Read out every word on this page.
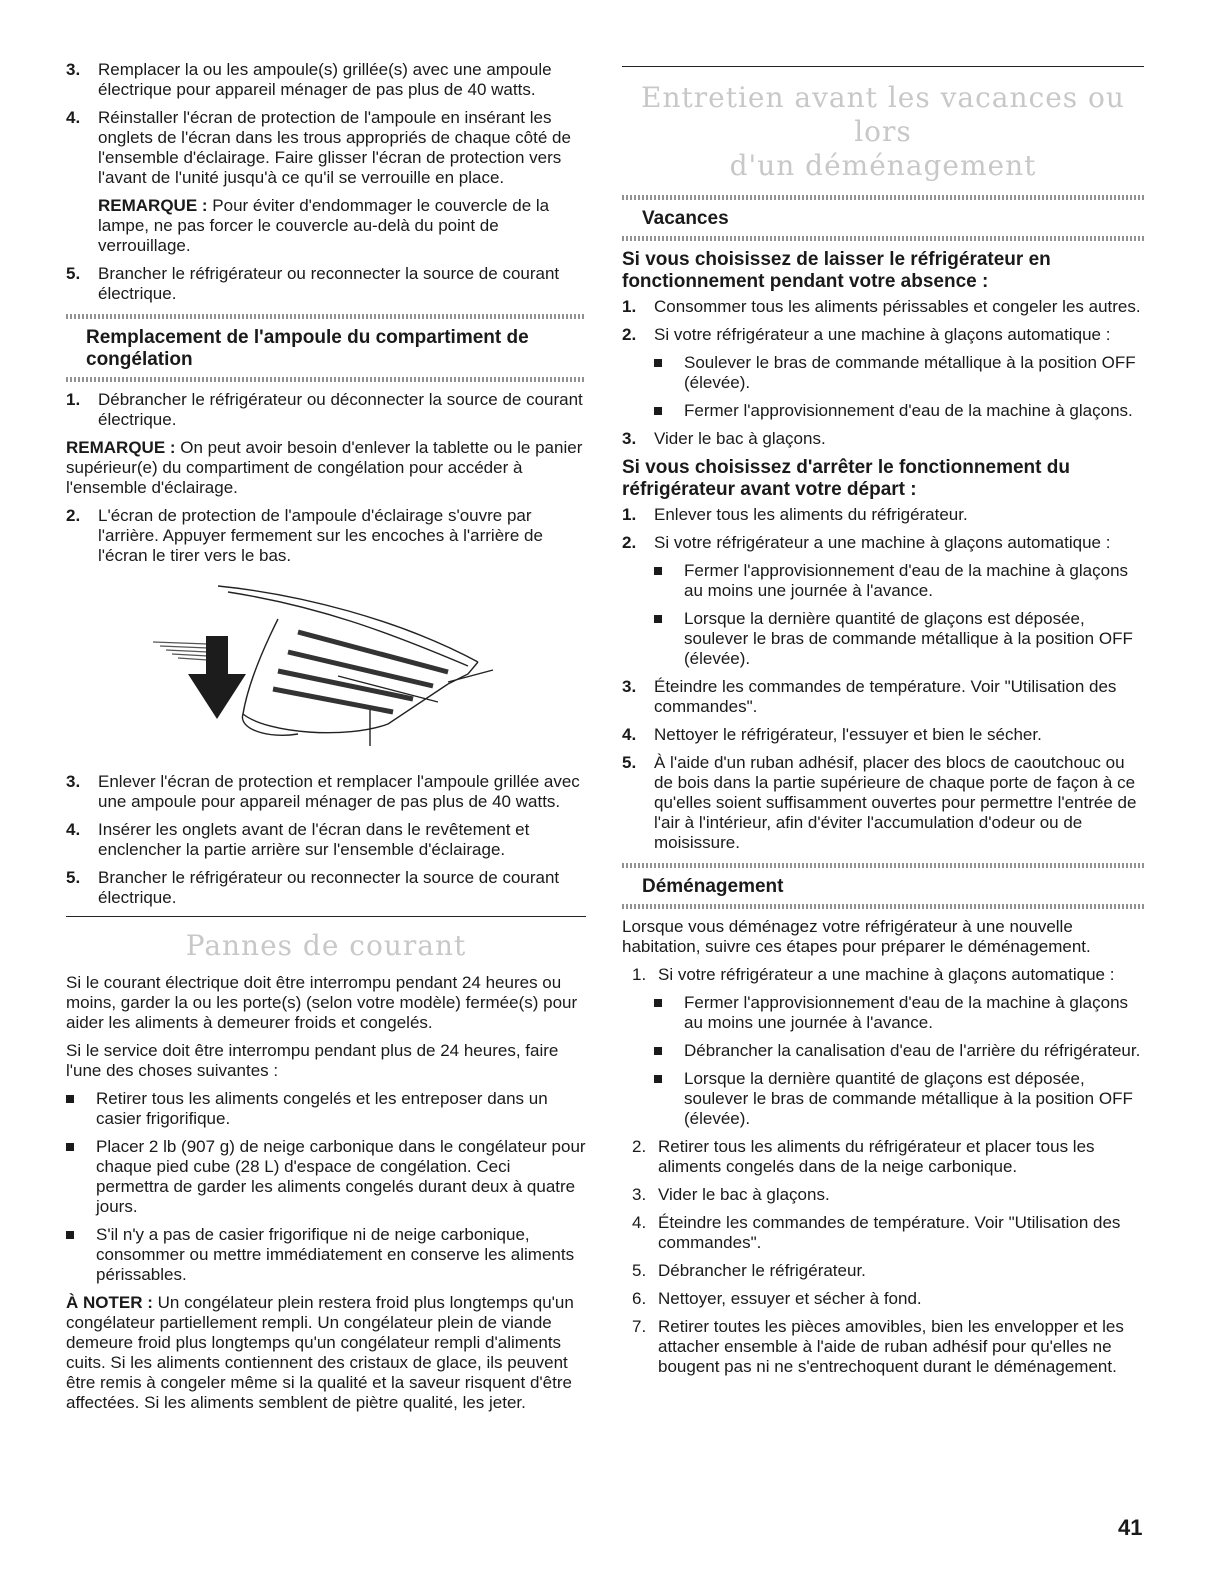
3. Remplacer la ou les ampoule(s) grillée(s) avec une ampoule électrique pour appareil ménager de pas plus de 40 watts.
4. Réinstaller l'écran de protection de l'ampoule en insérant les onglets de l'écran dans les trous appropriés de chaque côté de l'ensemble d'éclairage. Faire glisser l'écran de protection vers l'avant de l'unité jusqu'à ce qu'il se verrouille en place.

REMARQUE : Pour éviter d'endommager le couvercle de la lampe, ne pas forcer le couvercle au-delà du point de verrouillage.

5. Brancher le réfrigérateur ou reconnecter la source de courant électrique.
Remplacement de l'ampoule du compartiment de congélation
1. Débrancher le réfrigérateur ou déconnecter la source de courant électrique.

REMARQUE : On peut avoir besoin d'enlever la tablette ou le panier supérieur(e) du compartiment de congélation pour accéder à l'ensemble d'éclairage.

2. L'écran de protection de l'ampoule d'éclairage s'ouvre par l'arrière. Appuyer fermement sur les encoches à l'arrière de l'écran le tirer vers le bas.
3. Enlever l'écran de protection et remplacer l'ampoule grillée avec une ampoule pour appareil ménager de pas plus de 40 watts.
4. Insérer les onglets avant de l'écran dans le revêtement et enclencher la partie arrière sur l'ensemble d'éclairage.
5. Brancher le réfrigérateur ou reconnecter la source de courant électrique.
Pannes de courant

Si le courant électrique doit être interrompu pendant 24 heures ou moins, garder la ou les porte(s) (selon votre modèle) fermée(s) pour aider les aliments à demeurer froids et congelés.

Si le service doit être interrompu pendant plus de 24 heures, faire l'une des choses suivantes :

Retirer tous les aliments congelés et les entreposer dans un casier frigorifique.
Placer 2 lb (907 g) de neige carbonique dans le congélateur pour chaque pied cube (28 L) d'espace de congélation. Ceci permettra de garder les aliments congelés durant deux à quatre jours.
S'il n'y a pas de casier frigorifique ni de neige carbonique, consommer ou mettre immédiatement en conserve les aliments périssables.

À NOTER : Un congélateur plein restera froid plus longtemps qu'un congélateur partiellement rempli. Un congélateur plein de viande demeure froid plus longtemps qu'un congélateur rempli d'aliments cuits. Si les aliments contiennent des cristaux de glace, ils peuvent être remis à congeler même si la qualité et la saveur risquent d'être affectées. Si les aliments semblent de piètre qualité, les jeter.

Entretien avant les vacances ou lors
d'un déménagement
Vacances
Si vous choisissez de laisser le réfrigérateur en fonctionnement pendant votre absence :
1. Consommer tous les aliments périssables et congeler les autres.
2. Si votre réfrigérateur a une machine à glaçons automatique :
Soulever le bras de commande métallique à la position OFF (élevée).
Fermer l'approvisionnement d'eau de la machine à glaçons.
3. Vider le bac à glaçons.
Si vous choisissez d'arrêter le fonctionnement du réfrigérateur avant votre départ :
1. Enlever tous les aliments du réfrigérateur.
2. Si votre réfrigérateur a une machine à glaçons automatique :
Fermer l'approvisionnement d'eau de la machine à glaçons au moins une journée à l'avance.
Lorsque la dernière quantité de glaçons est déposée, soulever le bras de commande métallique à la position OFF (élevée).
3. Éteindre les commandes de température. Voir "Utilisation des commandes".
4. Nettoyer le réfrigérateur, l'essuyer et bien le sécher.
5. À l'aide d'un ruban adhésif, placer des blocs de caoutchouc ou de bois dans la partie supérieure de chaque porte de façon à ce qu'elles soient suffisamment ouvertes pour permettre l'entrée de l'air à l'intérieur, afin d'éviter l'accumulation d'odeur ou de moisissure.
Déménagement

Lorsque vous déménagez votre réfrigérateur à une nouvelle habitation, suivre ces étapes pour préparer le déménagement.

1. Si votre réfrigérateur a une machine à glaçons automatique :
Fermer l'approvisionnement d'eau de la machine à glaçons au moins une journée à l'avance.
Débrancher la canalisation d'eau de l'arrière du réfrigérateur.
Lorsque la dernière quantité de glaçons est déposée, soulever le bras de commande métallique à la position OFF (élevée).
2. Retirer tous les aliments du réfrigérateur et placer tous les aliments congelés dans de la neige carbonique.
3. Vider le bac à glaçons.
4. Éteindre les commandes de température. Voir "Utilisation des commandes".
5. Débrancher le réfrigérateur.
6. Nettoyer, essuyer et sécher à fond.
7. Retirer toutes les pièces amovibles, bien les envelopper et les attacher ensemble à l'aide de ruban adhésif pour qu'elles ne bougent pas ni ne s'entrechoquent durant le déménagement.
41
